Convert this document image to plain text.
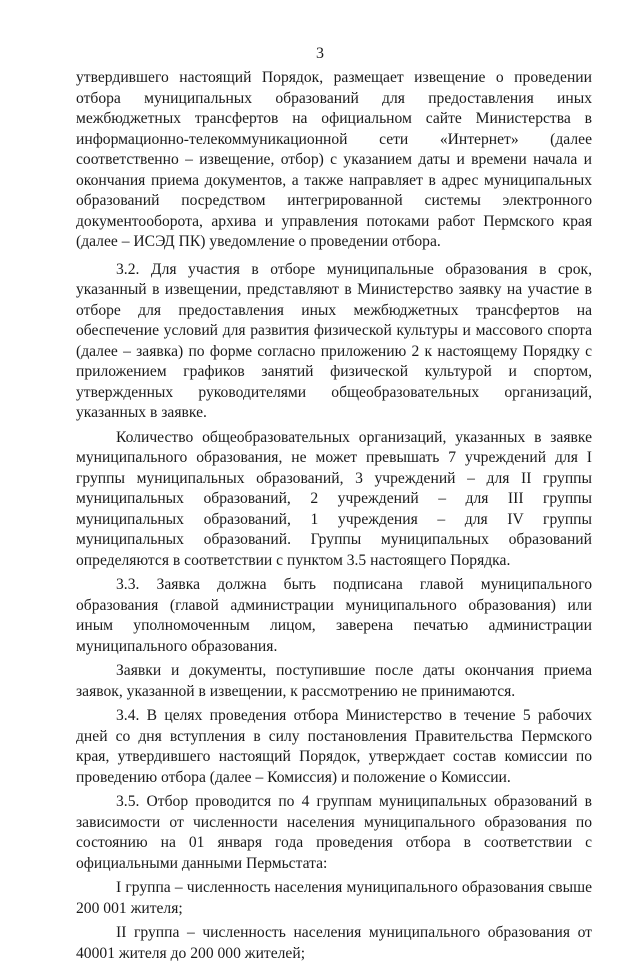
3

утвердившего настоящий Порядок, размещает извещение о проведении отбора муниципальных образований для предоставления иных межбюджетных трансфертов на официальном сайте Министерства в информационно-телекоммуникационной сети «Интернет» (далее соответственно – извещение, отбор) с указанием даты и времени начала и окончания приема документов, а также направляет в адрес муниципальных образований посредством интегрированной системы электронного документооборота, архива и управления потоками работ Пермского края (далее – ИСЭД ПК) уведомление о проведении отбора.

3.2. Для участия в отборе муниципальные образования в срок, указанный в извещении, представляют в Министерство заявку на участие в отборе для предоставления иных межбюджетных трансфертов на обеспечение условий для развития физической культуры и массового спорта (далее – заявка) по форме согласно приложению 2 к настоящему Порядку с приложением графиков занятий физической культурой и спортом, утвержденных руководителями общеобразовательных организаций, указанных в заявке.

Количество общеобразовательных организаций, указанных в заявке муниципального образования, не может превышать 7 учреждений для I группы муниципальных образований, 3 учреждений – для II группы муниципальных образований, 2 учреждений – для III группы муниципальных образований, 1 учреждения – для IV группы муниципальных образований. Группы муниципальных образований определяются в соответствии с пунктом 3.5 настоящего Порядка.

3.3. Заявка должна быть подписана главой муниципального образования (главой администрации муниципального образования) или иным уполномоченным лицом, заверена печатью администрации муниципального образования.

Заявки и документы, поступившие после даты окончания приема заявок, указанной в извещении, к рассмотрению не принимаются.

3.4. В целях проведения отбора Министерство в течение 5 рабочих дней со дня вступления в силу постановления Правительства Пермского края, утвердившего настоящий Порядок, утверждает состав комиссии по проведению отбора (далее – Комиссия) и положение о Комиссии.

3.5. Отбор проводится по 4 группам муниципальных образований в зависимости от численности населения муниципального образования по состоянию на 01 января года проведения отбора в соответствии с официальными данными Пермьстата:

I группа – численность населения муниципального образования свыше 200 001 жителя;

II группа – численность населения муниципального образования от 40001 жителя до 200 000 жителей;
